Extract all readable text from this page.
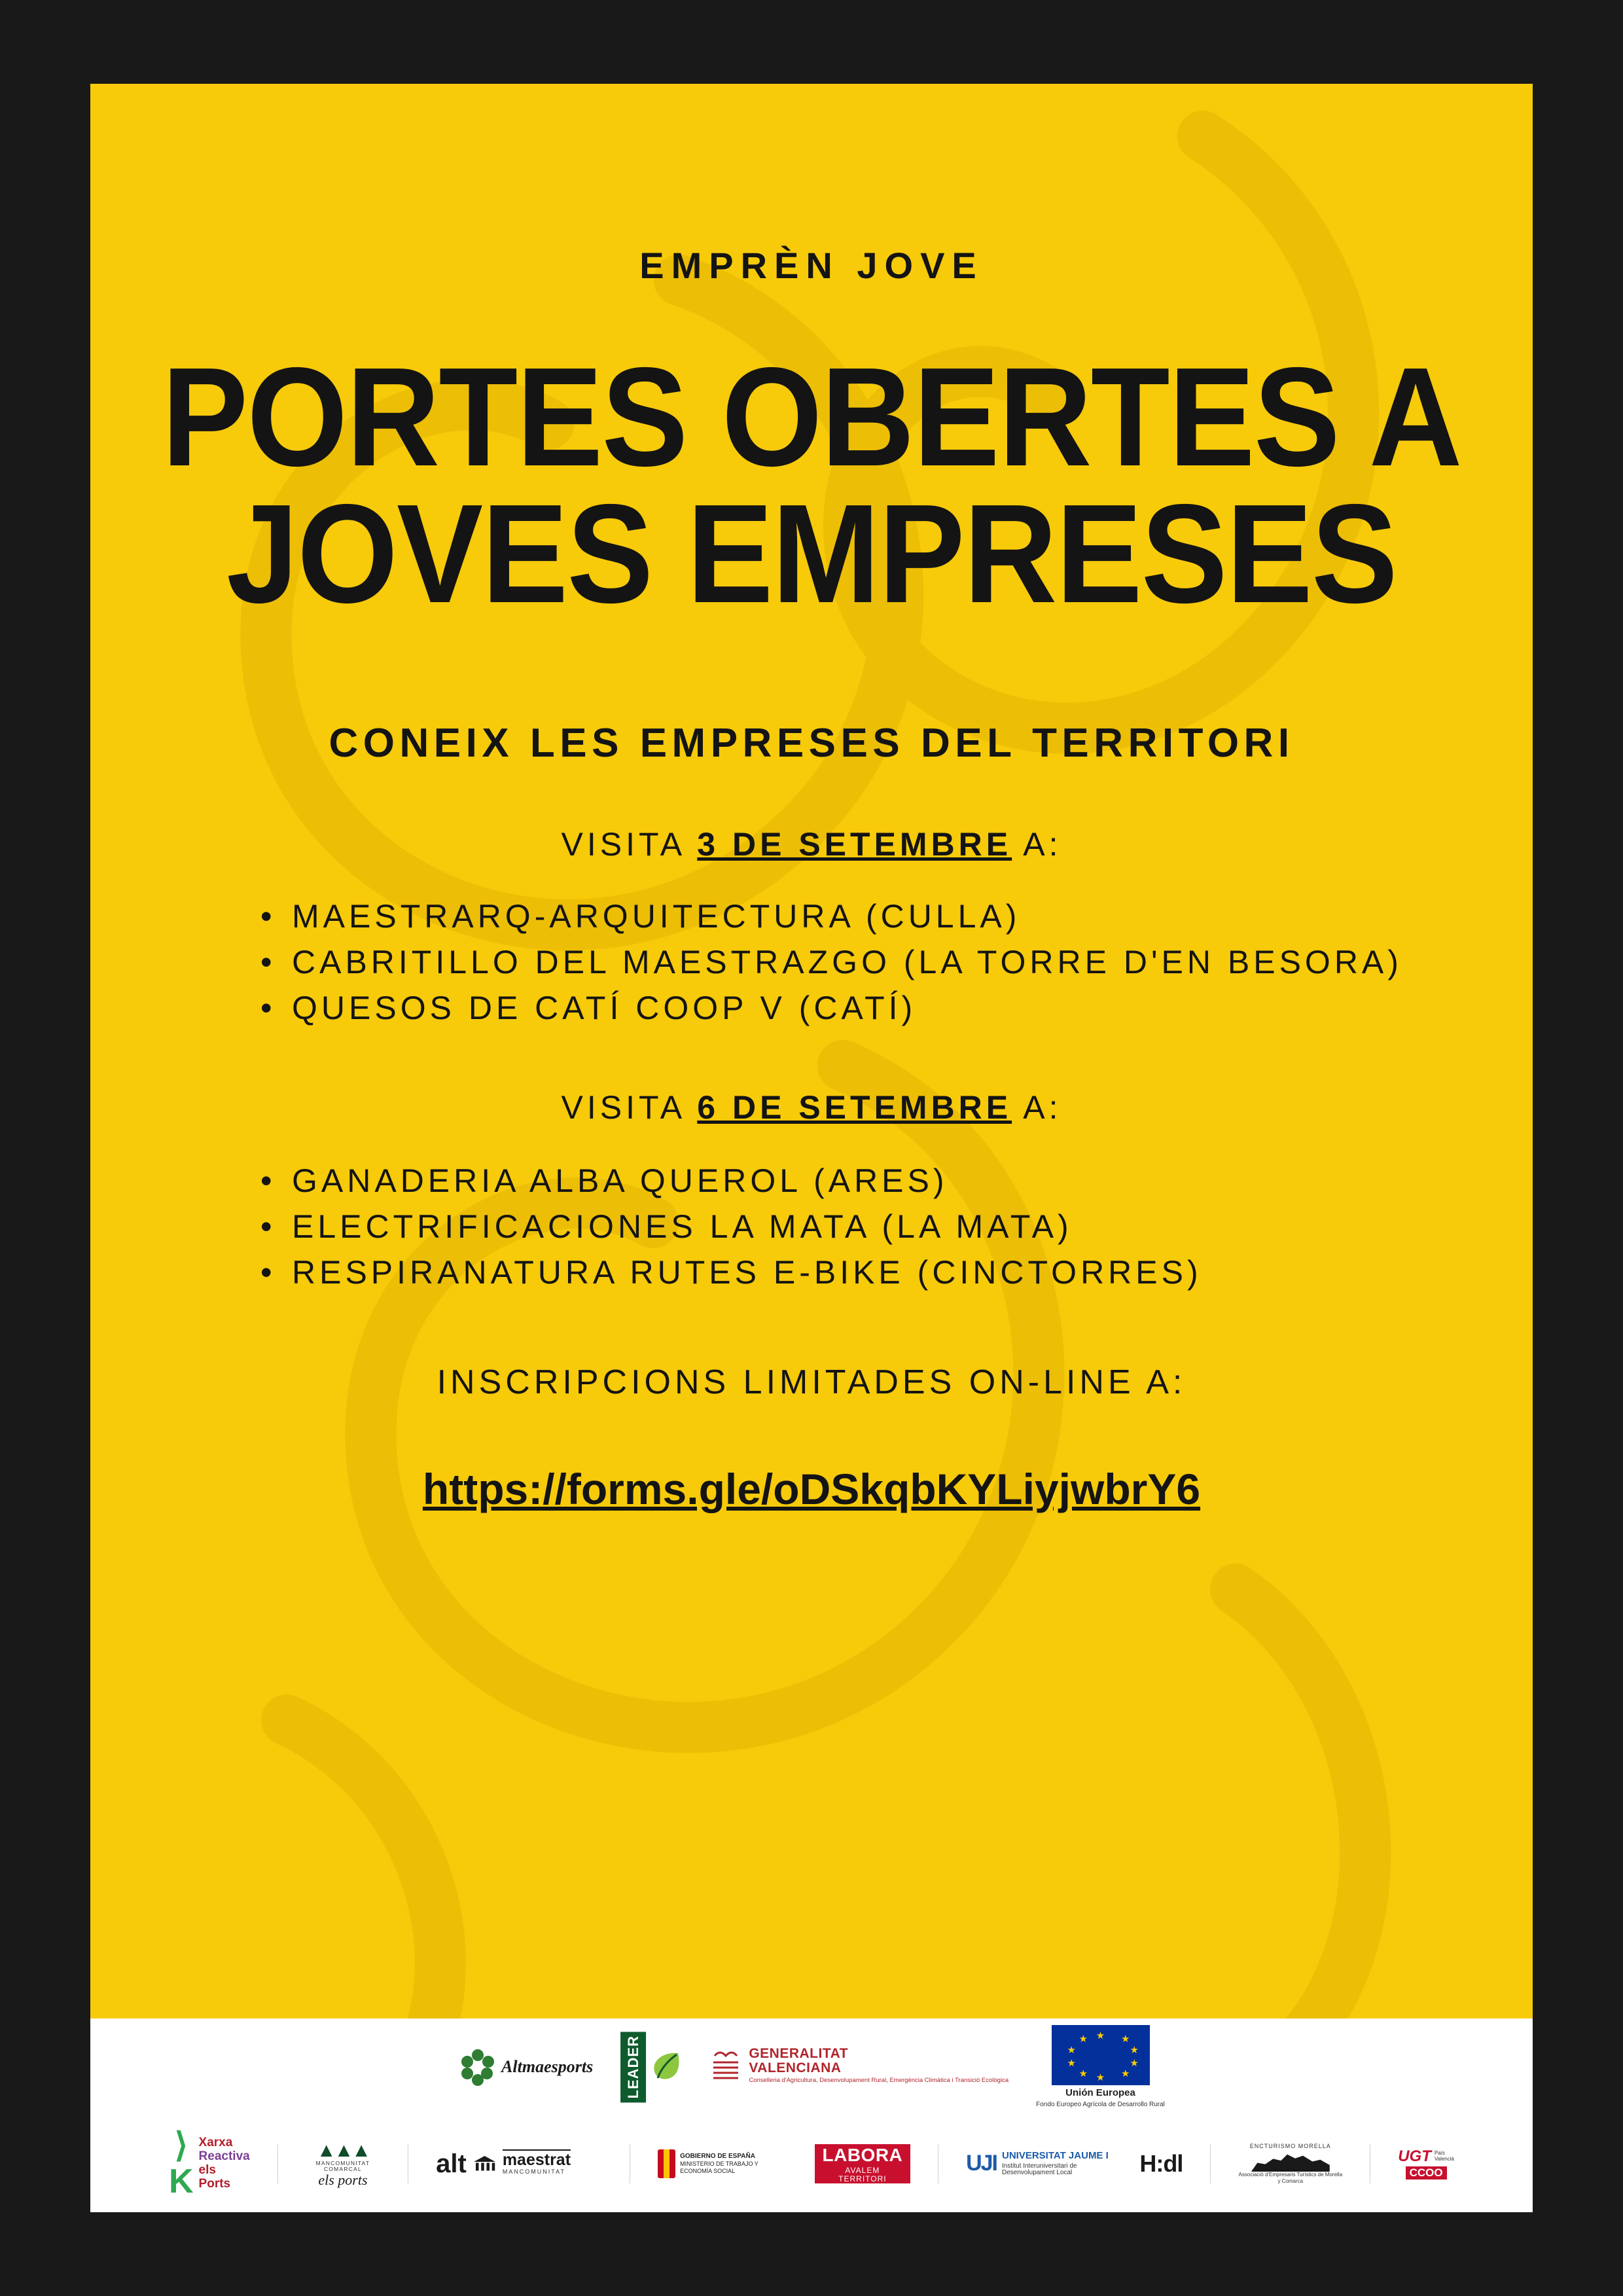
EMPRÈN JOVE
PORTES OBERTES A
JOVES EMPRESES
CONEIX LES EMPRESES DEL TERRITORI
VISITA 3 DE SETEMBRE A:
• MAESTRARQ-ARQUITECTURA (CULLA)
• CABRITILLO DEL MAESTRAZGO (LA TORRE D'EN BESORA)
• QUESOS DE CATÍ COOP V (CATÍ)
VISITA 6 DE SETEMBRE A:
• GANADERIA ALBA QUEROL (ARES)
• ELECTRIFICACIONES LA MATA (LA MATA)
• RESPIRANATURA RUTES E-BIKE (CINCTORRES)
INSCRIPCIONS LIMITADES ON-LINE A:
https://forms.gle/oDSkqbKYLiyjwbrY6
Altmaesports	LEADER	GENERALITAT
VALENCIANA
Conselleria d'Agricultura, Desenvolupament Rural, Emergència Climàtica i Transició Ecològica
★ ★
★
★
★
★
★
★
★
★
Unión Europea
Fondo Europeo Agrícola de Desarrollo Rural
⟩K
Xarxa
Reactiva
els Ports
▲▲▲
MANCOMUNITAT COMARCAL
els ports
alt maestrat MANCOMUNITAT
GOBIERNO DE ESPAÑA
MINISTERIO DE TRABAJO Y ECONOMÍA SOCIAL
LABORA
AVALEM TERRITORI
UJI UNIVERSITAT JAUME I
Institut Interuniversitari de Desenvolupament Local	H:dl
ENCTURISMO MORELLA
Associació d'Empresaris Turístics de Morella y Comarca
UGT País Valencià
CCOO
